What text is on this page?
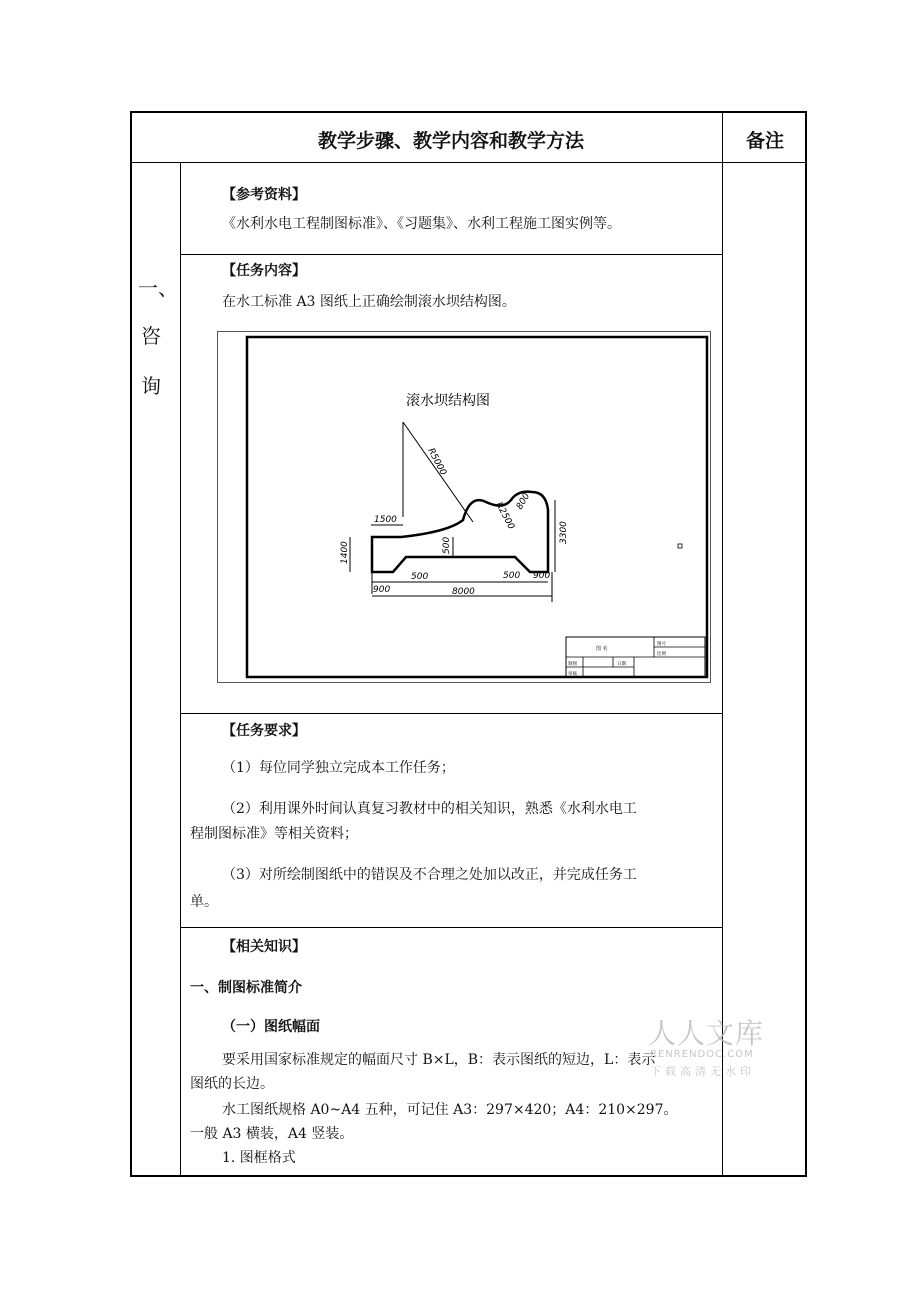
教学步骤、教学内容和教学方法	备注
一、
咨
询
【参考资料】
《水利水电工程制图标准》、《习题集》、水利工程施工图实例等。
【任务内容】
在水工标准 A3 图纸上正确绘制滚水坝结构图。
滚水坝结构图
R5000
R2500 800
1500
1400	500
3300
500	500
900
900
8000
图 名
图号
比例
制图	日期
审核
【任务要求】
（1）每位同学独立完成本工作任务；
（2）利用课外时间认真复习教材中的相关知识，熟悉《水利水电工
程制图标准》等相关资料；
（3）对所绘制图纸中的错误及不合理之处加以改正，并完成任务工
单。
【相关知识】
一、制图标准简介
（一）图纸幅面
要采用国家标准规定的幅面尺寸 B×L，B：表示图纸的短边，L：表示
图纸的长边。
水工图纸规格 A0~A4 五种，可记住 A3：297×420；A4：210×297。
一般 A3 横装，A4 竖装。
1. 图框格式
人人文库
RENRENDOC.COM
下载高清无水印
